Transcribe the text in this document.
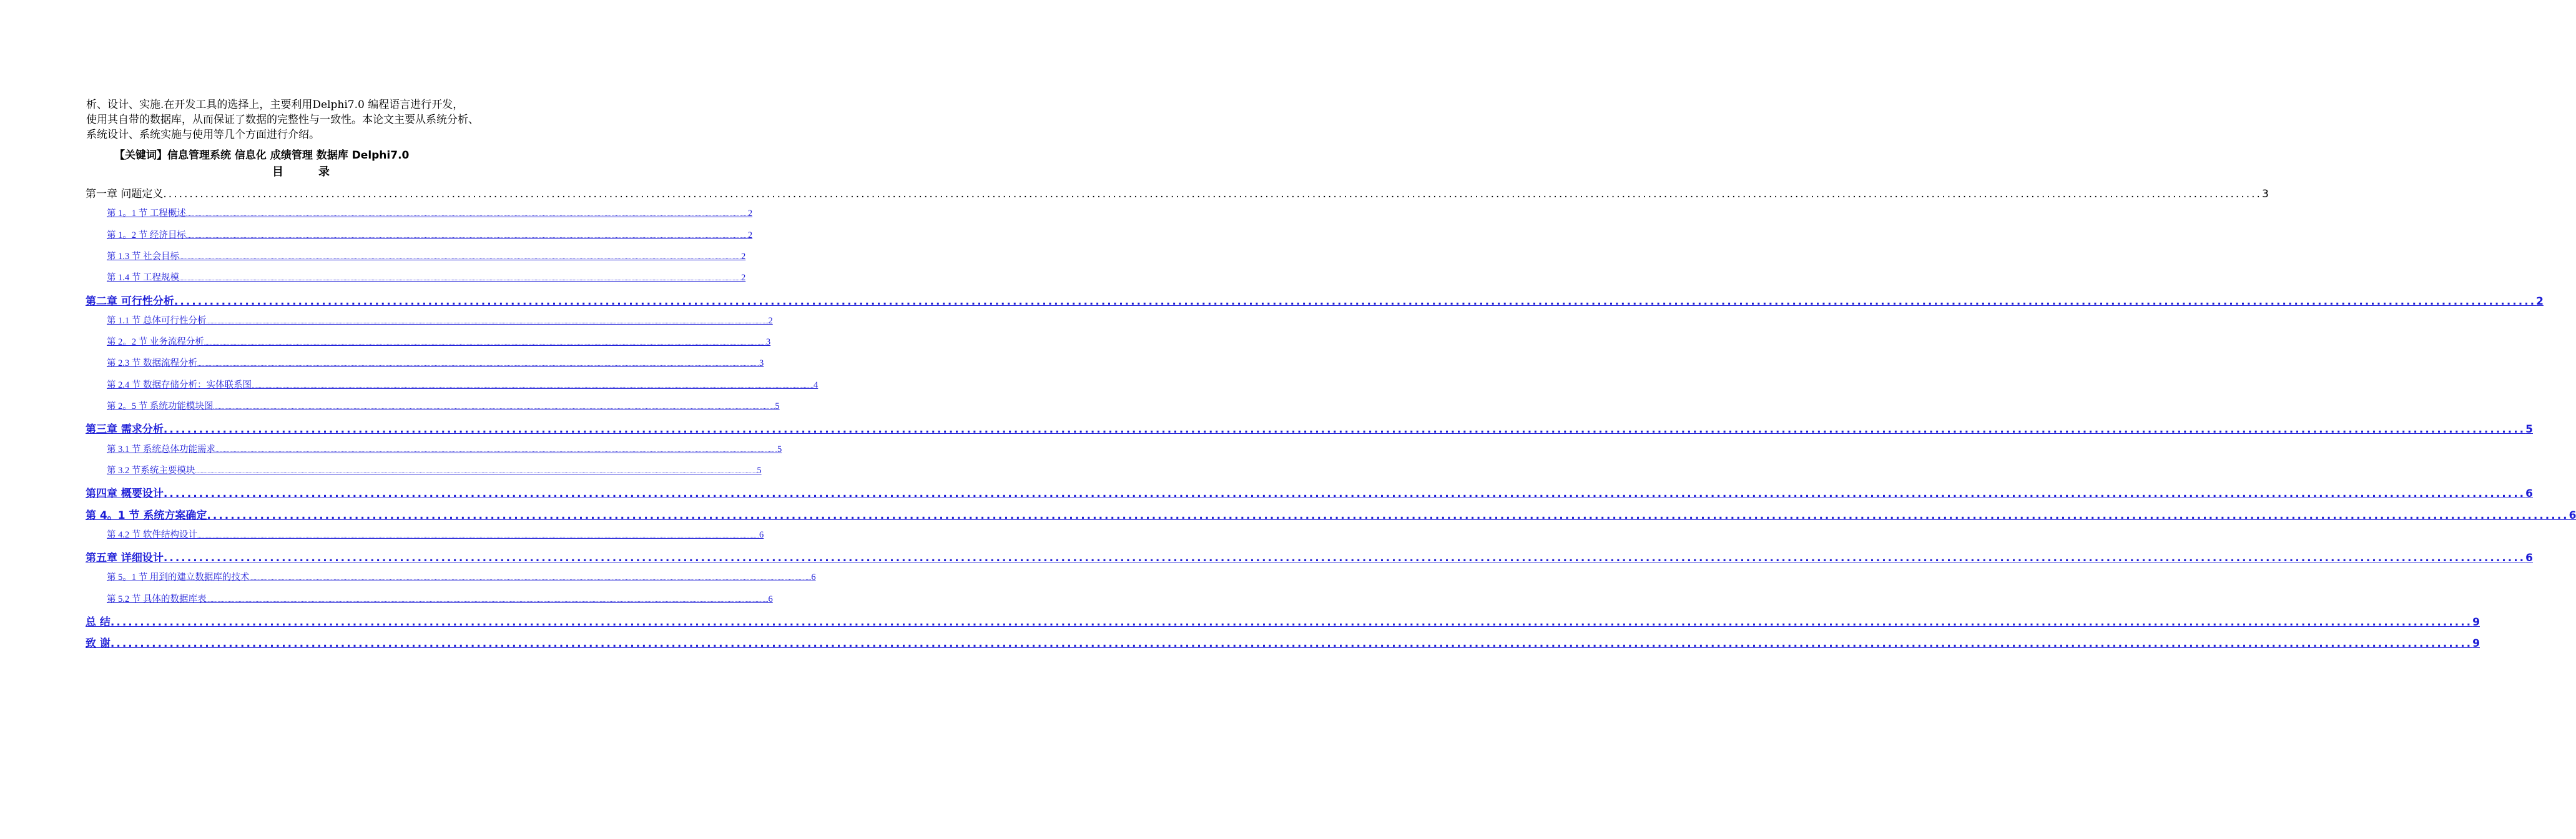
析、设计、实施.在开发工具的选择上，主要利用Delphi7.0 编程语言进行开发，

使用其自带的数据库，从而保证了数据的完整性与一致性。本论文主要从系统分析、

系统设计、系统实施与使用等几个方面进行介绍。

【关键词】信息管理系统 信息化 成绩管理 数据库 Delphi7.0
目录
第一章 问题定义 ................................................................................................................................................................................................................................................................................................................................................................................................................ 3
第 1。1 节 工程概述 ................................................................................................................................................................................................................................................................................................................................................................................................................ 2
第 1。2 节 经济目标 ................................................................................................................................................................................................................................................................................................................................................................................................................ 2
第 1.3 节 社会目标 ................................................................................................................................................................................................................................................................................................................................................................................................................ 2
第 1.4 节 工程规模 ................................................................................................................................................................................................................................................................................................................................................................................................................ 2
第二章 可行性分析 ................................................................................................................................................................................................................................................................................................................................................................................................................ 2
第 1.1 节 总体可行性分析 ................................................................................................................................................................................................................................................................................................................................................................................................................ 2
第 2。2 节 业务流程分析 ................................................................................................................................................................................................................................................................................................................................................................................................................ 3
第 2.3 节 数据流程分析 ................................................................................................................................................................................................................................................................................................................................................................................................................ 3
第 2.4 节 数据存储分析：实体联系图 ................................................................................................................................................................................................................................................................................................................................................................................................................ 4
第 2。5 节 系统功能模块图 ................................................................................................................................................................................................................................................................................................................................................................................................................ 5
第三章 需求分析 ................................................................................................................................................................................................................................................................................................................................................................................................................ 5
第 3.1 节 系统总体功能需求 ................................................................................................................................................................................................................................................................................................................................................................................................................ 5
第 3.2 节系统主要模块 ................................................................................................................................................................................................................................................................................................................................................................................................................ 5
第四章 概要设计 ................................................................................................................................................................................................................................................................................................................................................................................................................ 6
第 4。1 节 系统方案确定 ................................................................................................................................................................................................................................................................................................................................................................................................................ 6
第 4.2 节 软件结构设计 ................................................................................................................................................................................................................................................................................................................................................................................................................ 6
第五章 详细设计 ................................................................................................................................................................................................................................................................................................................................................................................................................ 6
第 5。1 节 用到的建立数据库的技术 ................................................................................................................................................................................................................................................................................................................................................................................................................ 6
第 5.2 节 具体的数据库表 ................................................................................................................................................................................................................................................................................................................................................................................................................ 6
总 结 ................................................................................................................................................................................................................................................................................................................................................................................................................ 9
致 谢 ................................................................................................................................................................................................................................................................................................................................................................................................................ 9
